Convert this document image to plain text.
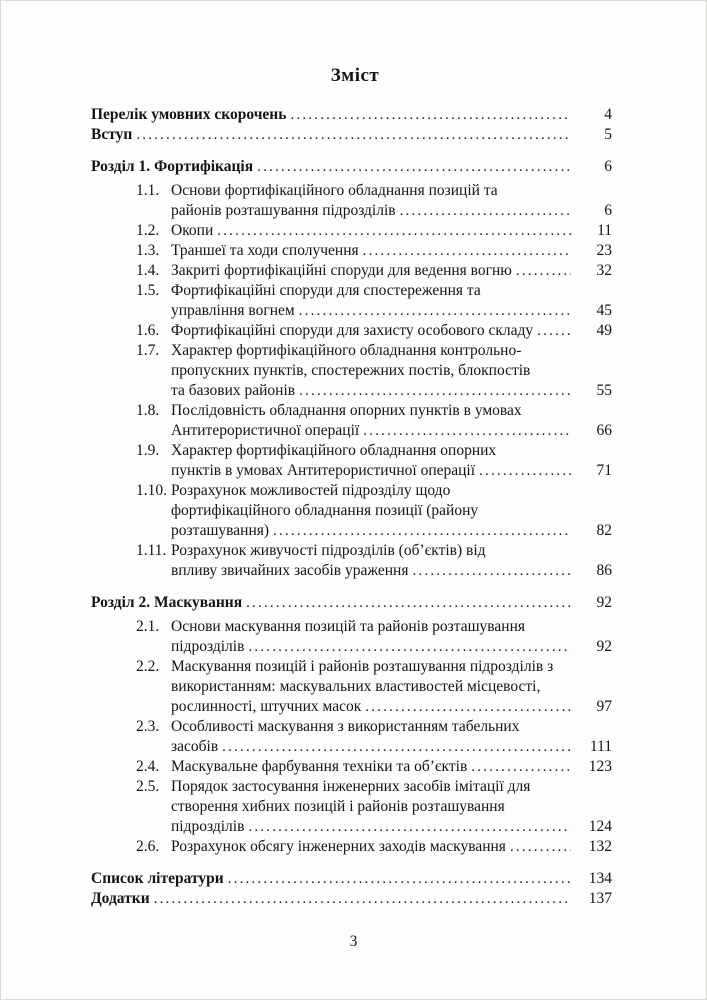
Зміст
Перелік умовних скорочень .....	4
Вступ .....	5
Розділ 1. Фортифікація .....	6
1.1. Основи фортифікаційного обладнання позицій та
районів розташування підрозділів .....	6
1.2. Окопи .....	11
1.3. Траншеї та ходи сполучення .....	23
1.4. Закриті фортифікаційні споруди для ведення вогню .....	32
1.5. Фортифікаційні споруди для спостереження та
управління вогнем .....	45
1.6. Фортифікаційні споруди для захисту особового складу .....	49
1.7. Характер фортифікаційного обладнання контрольно-
пропускних пунктів, спостережних постів, блокпостів
та базових районів .....	55
1.8. Послідовність обладнання опорних пунктів в умовах
Антитерористичної операції .....	66
1.9. Характер фортифікаційного обладнання опорних
пунктів в умовах Антитерористичної операції .....	71
1.10. Розрахунок можливостей підрозділу щодо
фортифікаційного обладнання позиції (району
розташування) .....	82
1.11. Розрахунок живучості підрозділів (об’єктів) від
впливу звичайних засобів ураження .....	86
Розділ 2. Маскування .....	92
2.1. Основи маскування позицій та районів розташування
підрозділів .....	92
2.2. Маскування позицій і районів розташування підрозділів з
використанням: маскувальних властивостей місцевості,
рослинності, штучних масок .....	97
2.3. Особливості маскування з використанням табельних
засобів .....	111
2.4. Маскувальне фарбування техніки та об’єктів .....	123
2.5. Порядок застосування інженерних засобів імітації для
створення хибних позицій і районів розташування
підрозділів .....	124
2.6. Розрахунок обсягу інженерних заходів маскування .....	132
Список літератури .....	134
Додатки .....	137
3
